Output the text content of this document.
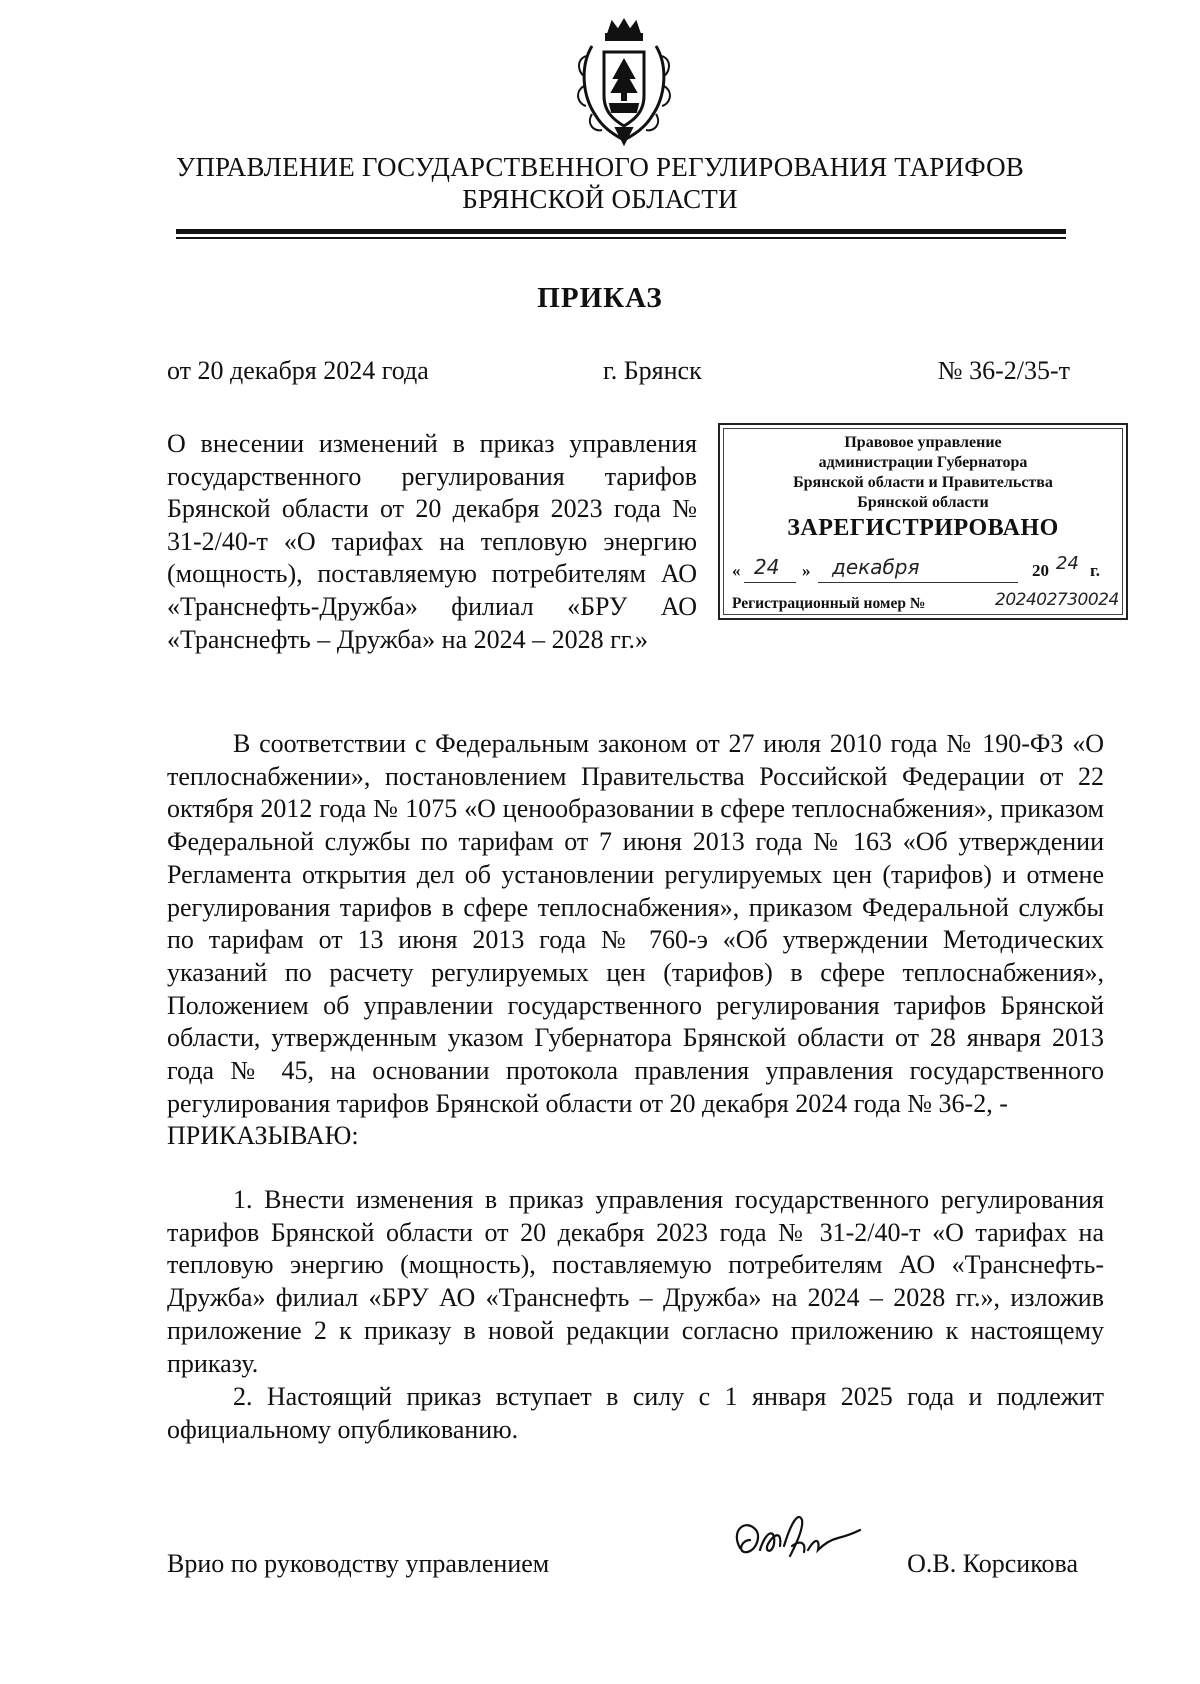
УПРАВЛЕНИЕ ГОСУДАРСТВЕННОГО РЕГУЛИРОВАНИЯ ТАРИФОВ
БРЯНСКОЙ ОБЛАСТИ
ПРИКАЗ
от 20 декабря 2024 года	г. Брянск	№ 36-2/35-т
О внесении изменений в приказ управления государственного регулирования тарифов Брянской области от 20 декабря 2023 года № 31-2/40-т «О тарифах на тепловую энергию (мощность), поставляемую потребителям АО «Транснефть-Дружба» филиал «БРУ АО «Транснефть – Дружба» на 2024 – 2028 гг.»
Правовое управление
администрации Губернатора
Брянской области и Правительства
Брянской области
ЗАРЕГИСТРИРОВАНО
« 24 » декабря	20 24 г.
Регистрационный номер №	202402730024
В соответствии с Федеральным законом от 27 июля 2010 года № 190-ФЗ «О теплоснабжении», постановлением Правительства Российской Федерации от 22 октября 2012 года № 1075 «О ценообразовании в сфере теплоснабжения», приказом Федеральной службы по тарифам от 7 июня 2013 года № 163 «Об утверждении Регламента открытия дел об установлении регулируемых цен (тарифов) и отмене регулирования тарифов в сфере теплоснабжения», приказом Федеральной службы по тарифам от 13 июня 2013 года № 760-э «Об утверждении Методических указаний по расчету регулируемых цен (тарифов) в сфере теплоснабжения», Положением об управлении государственного регулирования тарифов Брянской области, утвержденным указом Губернатора Брянской области от 28 января 2013 года № 45, на основании протокола правления управления государственного регулирования тарифов Брянской области от 20 декабря 2024 года № 36-2, -
ПРИКАЗЫВАЮ:
1. Внести изменения в приказ управления государственного регулирования тарифов Брянской области от 20 декабря 2023 года № 31-2/40-т «О тарифах на тепловую энергию (мощность), поставляемую потребителям АО «Транснефть-Дружба» филиал «БРУ АО «Транснефть – Дружба» на 2024 – 2028 гг.», изложив приложение 2 к приказу в новой редакции согласно приложению к настоящему приказу.
2. Настоящий приказ вступает в силу с 1 января 2025 года и подлежит официальному опубликованию.
Врио по руководству управлением	О.В. Корсикова
